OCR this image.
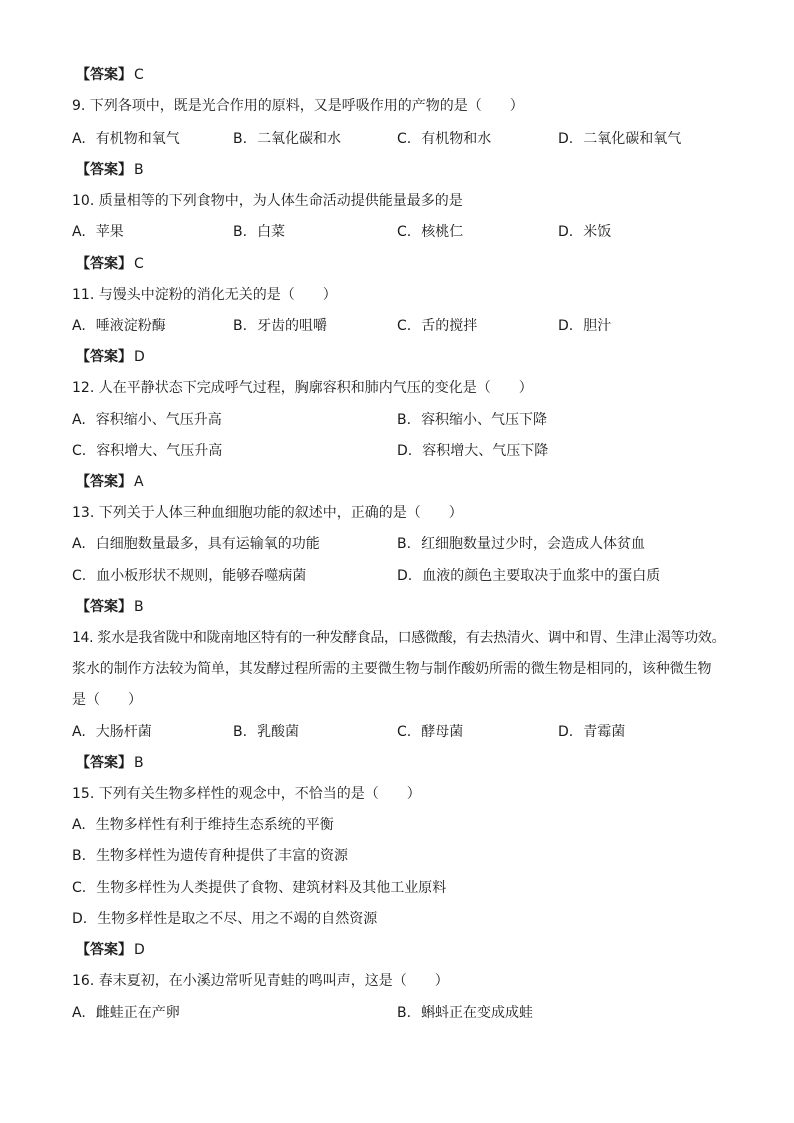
【答案】 C
9. 下列各项中，既是光合作用的原料，又是呼吸作用的产物的是（　　）
A. 有机物和氧气	B. 二氧化碳和水	C. 有机物和水	D. 二氧化碳和氧气
【答案】 B
10. 质量相等的下列食物中，为人体生命活动提供能量最多的是
A. 苹果	B. 白菜	C. 核桃仁	D. 米饭
【答案】 C
11. 与馒头中淀粉的消化无关的是（　　）
A. 唾液淀粉酶	B. 牙齿的咀嚼	C. 舌的搅拌	D. 胆汁
【答案】 D
12. 人在平静状态下完成呼气过程，胸廓容积和肺内气压的变化是（　　）
A. 容积缩小、气压升高	B. 容积缩小、气压下降
C. 容积增大、气压升高	D. 容积增大、气压下降
【答案】 A
13. 下列关于人体三种血细胞功能的叙述中，正确的是（　　）
A. 白细胞数量最多，具有运输氧的功能	B. 红细胞数量过少时，会造成人体贫血
C. 血小板形状不规则，能够吞噬病菌	D. 血液的颜色主要取决于血浆中的蛋白质
【答案】 B
14. 浆水是我省陇中和陇南地区特有的一种发酵食品，口感微酸，有去热清火、调中和胃、生津止渴等功效。
浆水的制作方法较为简单，其发酵过程所需的主要微生物与制作酸奶所需的微生物是相同的，该种微生物
是（　　）
A. 大肠杆菌	B. 乳酸菌	C. 酵母菌	D. 青霉菌
【答案】 B
15. 下列有关生物多样性的观念中，不恰当的是（　　）
A. 生物多样性有利于维持生态系统的平衡
B. 生物多样性为遗传育种提供了丰富的资源
C. 生物多样性为人类提供了食物、建筑材料及其他工业原料
D. 生物多样性是取之不尽、用之不竭的自然资源
【答案】 D
16. 春末夏初，在小溪边常听见青蛙的鸣叫声，这是（　　）
A. 雌蛙正在产卵	B. 蝌蚪正在变成成蛙
